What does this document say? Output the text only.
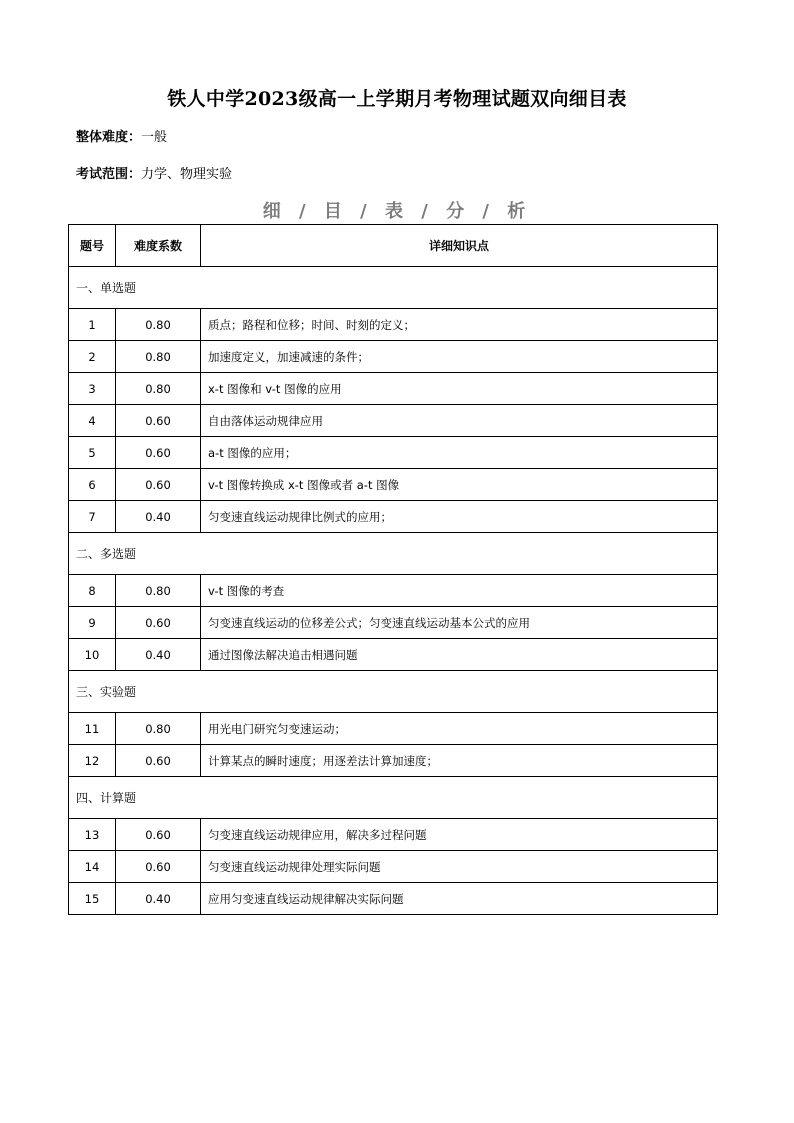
铁人中学2023级高一上学期月考物理试题双向细目表
整体难度：一般
考试范围：力学、物理实验
细 / 目 / 表 / 分 / 析
题号	难度系数	详细知识点
一、单选题		
1	0.80	质点；路程和位移；时间、时刻的定义；
2	0.80	加速度定义，加速减速的条件；
3	0.80	x-t 图像和 v-t 图像的应用
4	0.60	自由落体运动规律应用
5	0.60	a-t 图像的应用；
6	0.60	v-t 图像转换成 x-t 图像或者 a-t 图像
7	0.40	匀变速直线运动规律比例式的应用；
二、多选题		
8	0.80	v-t 图像的考查
9	0.60	匀变速直线运动的位移差公式；匀变速直线运动基本公式的应用
10	0.40	通过图像法解决追击相遇问题
三、实验题		
11	0.80	用光电门研究匀变速运动；
12	0.60	计算某点的瞬时速度；用逐差法计算加速度；
四、计算题		
13	0.60	匀变速直线运动规律应用，解决多过程问题
14	0.60	匀变速直线运动规律处理实际问题
15	0.40	应用匀变速直线运动规律解决实际问题
